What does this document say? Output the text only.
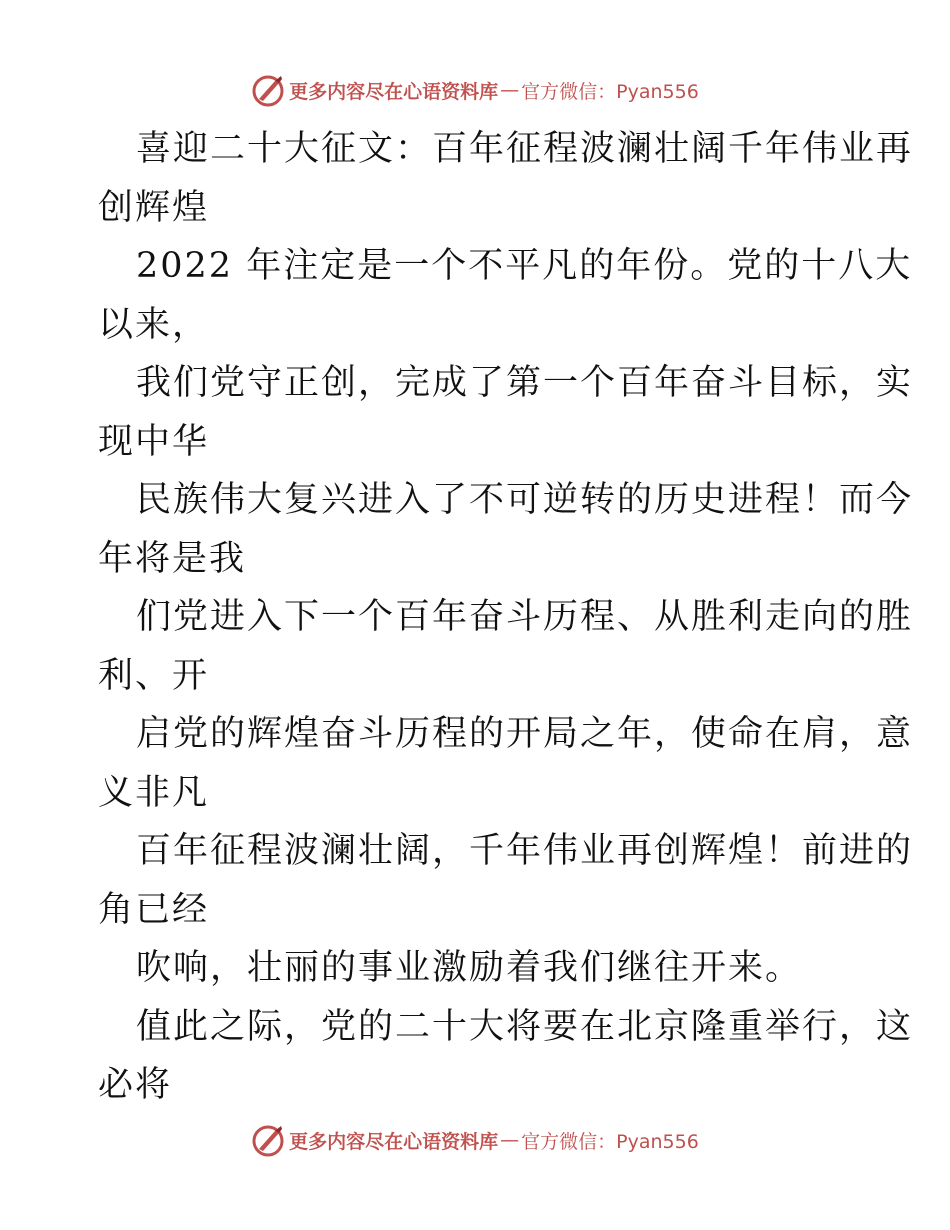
更多内容尽在心语资料库 — 官方微信：Pyan556
喜迎二十大征文：百年征程波澜壮阔千年伟业再
创辉煌
2022 年注定是一个不平凡的年份。党的十八大
以来，
我们党守正创，完成了第一个百年奋斗目标，实
现中华
民族伟大复兴进入了不可逆转的历史进程！而今
年将是我
们党进入下一个百年奋斗历程、从胜利走向的胜
利、开
启党的辉煌奋斗历程的开局之年，使命在肩，意
义非凡
百年征程波澜壮阔，千年伟业再创辉煌！前进的
角已经
吹响，壮丽的事业激励着我们继往开来。
值此之际，党的二十大将要在北京隆重举行，这
必将
更多内容尽在心语资料库 — 官方微信：Pyan556
